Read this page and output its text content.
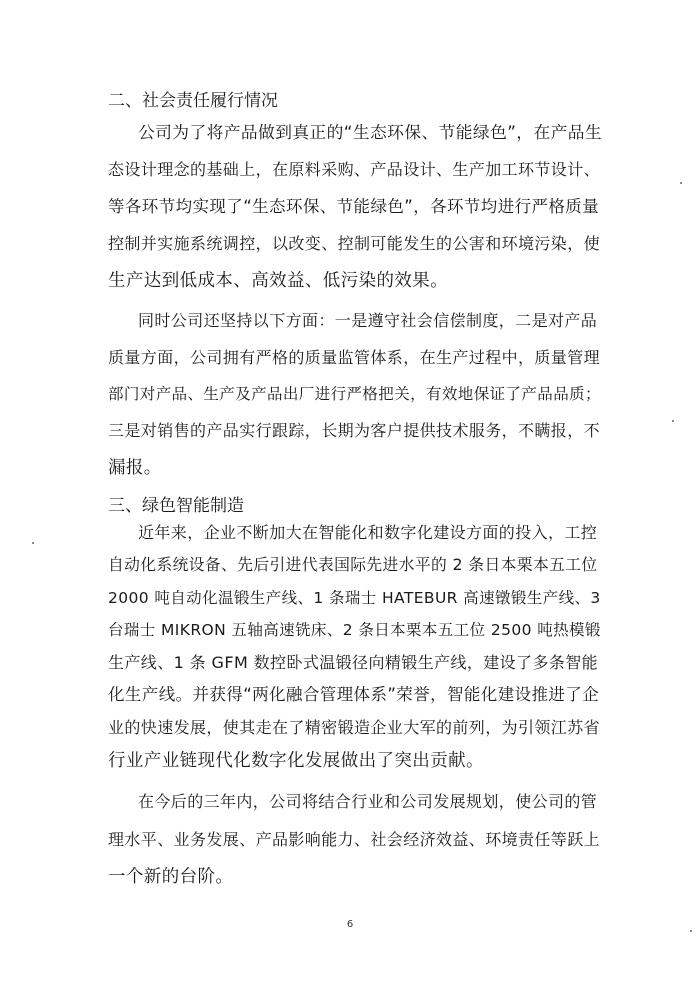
二、社会责任履行情况
公司为了将产品做到真正的“生态环保、节能绿色”，在产品生
态设计理念的基础上，在原料采购、产品设计、生产加工环节设计、
等各环节均实现了“生态环保、节能绿色”，各环节均进行严格质量
控制并实施系统调控，以改变、控制可能发生的公害和环境污染，使
生产达到低成本、高效益、低污染的效果。
同时公司还坚持以下方面：一是遵守社会信偿制度，二是对产品
质量方面，公司拥有严格的质量监管体系，在生产过程中，质量管理
部门对产品、生产及产品出厂进行严格把关，有效地保证了产品品质；
三是对销售的产品实行跟踪，长期为客户提供技术服务，不瞒报，不
漏报。
三、绿色智能制造
近年来，企业不断加大在智能化和数字化建设方面的投入，工控
自动化系统设备、先后引进代表国际先进水平的 2 条日本栗本五工位
2000 吨自动化温锻生产线、1 条瑞士 HATEBUR 高速镦锻生产线、3
台瑞士 MIKRON 五轴高速铣床、2 条日本栗本五工位 2500 吨热模锻
生产线、1 条 GFM 数控卧式温锻径向精锻生产线，建设了多条智能
化生产线。并获得“两化融合管理体系”荣誉，智能化建设推进了企
业的快速发展，使其走在了精密锻造企业大军的前列，为引领江苏省
行业产业链现代化数字化发展做出了突出贡献。
在今后的三年内，公司将结合行业和公司发展规划，使公司的管
理水平、业务发展、产品影响能力、社会经济效益、环境责任等跃上
一个新的台阶。
6
